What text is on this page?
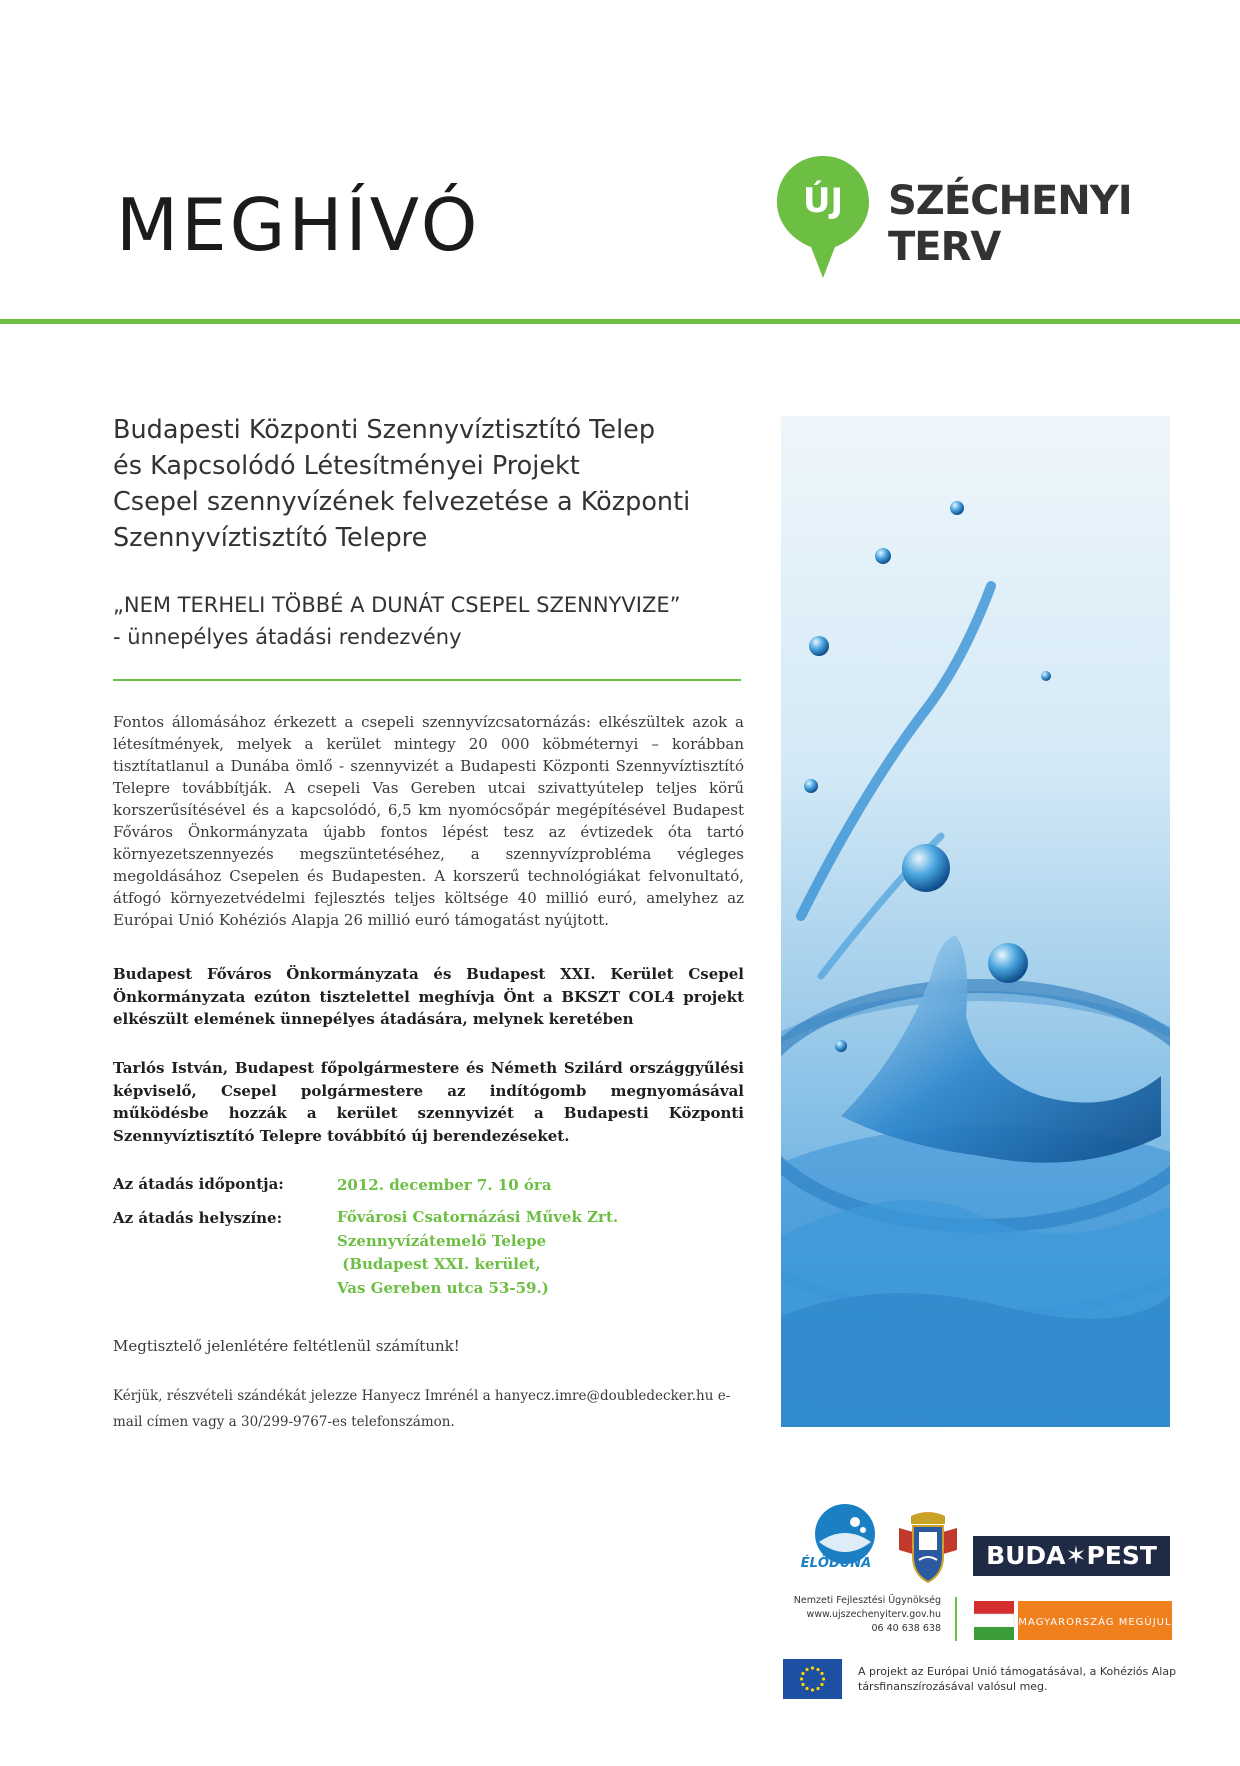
MEGHÍVÓ	ÚJ SZÉCHENYI TERV
Budapesti Központi Szennyvíztisztító Telep
és Kapcsolódó Létesítményei Projekt
Csepel szennyvízének felvezetése a Központi
Szennyvíztisztító Telepre
„NEM TERHELI TÖBBÉ A DUNÁT CSEPEL SZENNYVIZE”
- ünnepélyes átadási rendezvény
Fontos állomásához érkezett a csepeli szennyvízcsatornázás: elkészültek azok a létesítmények, melyek a kerület mintegy 20 000 köbméternyi – korábban tisztítatlanul a Dunába ömlő - szennyvizét a Budapesti Központi Szennyvíztisztító Telepre továbbítják. A csepeli Vas Gereben utcai szivattyútelep teljes körű korszerűsítésével és a kapcsolódó, 6,5 km nyomócsőpár megépítésével Budapest Főváros Önkormányzata újabb fontos lépést tesz az évtizedek óta tartó környezetszennyezés megszüntetéséhez, a szennyvízprobléma végleges megoldásához Csepelen és Budapesten. A korszerű technológiákat felvonultató, átfogó környezetvédelmi fejlesztés teljes költsége 40 millió euró, amelyhez az Európai Unió Kohéziós Alapja 26 millió euró támogatást nyújtott.
Budapest Főváros Önkormányzata és Budapest XXI. Kerület Csepel Önkormányzata ezúton tisztelettel meghívja Önt a BKSZT COL4 projekt elkészült elemének ünnepélyes átadására, melynek keretében
Tarlós István, Budapest főpolgármestere és Németh Szilárd országgyűlési képviselő, Csepel polgármestere az indítógomb megnyomásával működésbe hozzák a kerület szennyvizét a Budapesti Központi Szennyvíztisztító Telepre továbbító új berendezéseket.
Az átadás időpontja:	2012. december 7. 10 óra
Az átadás helyszíne:	Fővárosi Csatornázási Művek Zrt.
Szennyvízátemelő Telepe
(Budapest XXI. kerület,
Vas Gereben utca 53-59.)
Megtisztelő jelenlétére feltétlenül számítunk!
Kérjük, részvételi szándékát jelezze Hanyecz Imrénél a hanyecz.imre@doubledecker.hu e-mail címen vagy a 30/299-9767-es telefonszámon.
ÉLŐDUNA	BUDA✶PEST
Nemzeti Fejlesztési Ügynökség
www.ujszechenyiterv.gov.hu
06 40 638 638
MAGYARORSZÁG MEGÚJUL
A projekt az Európai Unió támogatásával, a Kohéziós Alap társfinanszírozásával valósul meg.
